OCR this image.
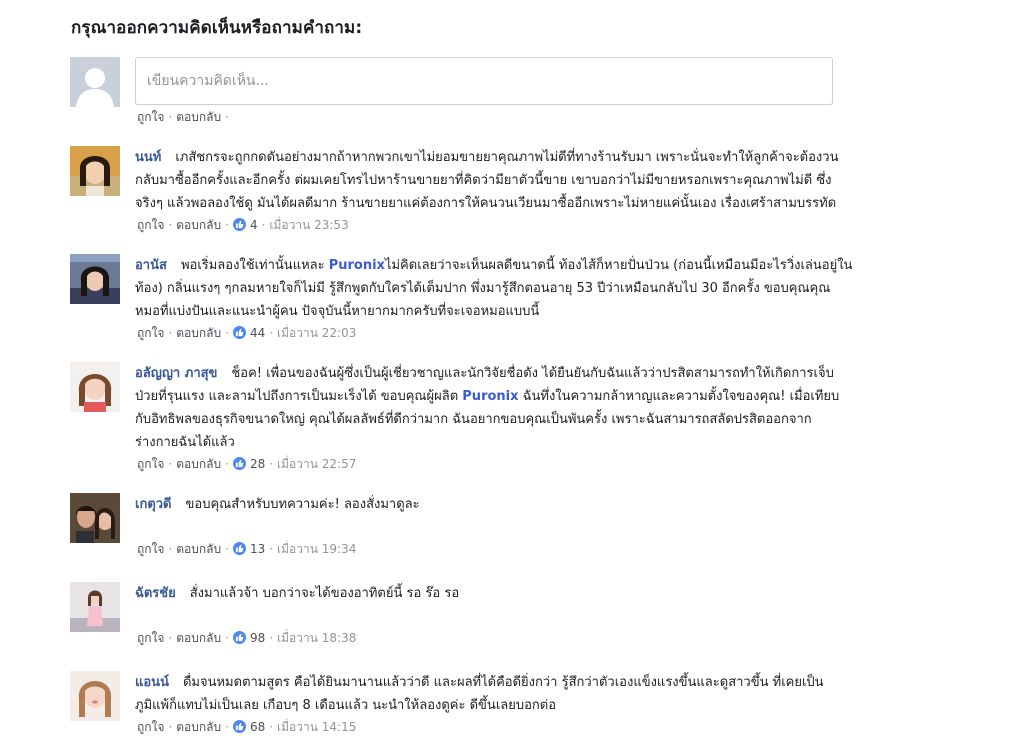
กรุณาออกความคิดเห็นหรือถามคำถาม:
เขียนความคิดเห็น...
ถูกใจ · ตอบกลับ ·

นนท์ เภสัชกรจะถูกกดดันอย่างมากถ้าหากพวกเขาไม่ยอมขายยาคุณภาพไม่ดีที่ทางร้านรับมา เพราะนั่นจะทำให้ลูกค้าจะต้องวนกลับมาซื้ออีกครั้งและอีกครั้ง ต่ผมเคยโทรไปหาร้านขายยาที่คิดว่ามียาตัวนี้ขาย เขาบอกว่าไม่มีขายหรอกเพราะคุณภาพไม่ดี ซึ่งจริงๆ แล้วพอลองใช้ดู มันได้ผลดีมาก ร้านขายยาแค่ต้องการให้คนวนเวียนมาซื้ออีกเพราะไม่หายแค่นั้นเอง เรื่องเศร้าสามบรรทัด

ถูกใจ · ตอบกลับ · 4 · เมื่อวาน 23:53

อานัส พอเริ่มลองใช้เท่านั้นแหละ Puronixไม่คิดเลยว่าจะเห็นผลดีขนาดนี้ ท้องไส้ก็หายปั่นป่วน (ก่อนนี้เหมือนมีอะไรวิ่งเล่นอยู่ในท้อง) กลิ่นแรงๆ ๆกลมหายใจก็ไม่มี รู้สึกพูดกับใครได้เต็มปาก พึ่งมารู้สึกตอนอายุ 53 ปีว่าเหมือนกลับไป 30 อีกครั้ง ขอบคุณคุณหมอที่แบ่งปันและแนะนำผู้คน ปัจจุบันนี้หายากมากครับที่จะเจอหมอแบบนี้

ถูกใจ · ตอบกลับ · 44 · เมื่อวาน 22:03

อลัญญา ภาสุข ช็อค! เพื่อนของฉันผู้ซึ่งเป็นผู้เชี่ยวชาญและนักวิจัยชื่อดัง ได้ยืนยันกับฉันแล้วว่าปรสิตสามารถทำให้เกิดการเจ็บป่วยที่รุนแรง และลามไปถึงการเป็นมะเร็งได้ ขอบคุณผู้ผลิต Puronix ฉันทึ่งในความกล้าหาญและความตั้งใจของคุณ! เมื่อเทียบกับอิทธิพลของธุรกิจขนาดใหญ่ คุณได้ผลลัพธ์ที่ดีกว่ามาก ฉันอยากขอบคุณเป็นพันครั้ง เพราะฉันสามารถสลัดปรสิตออกจากร่างกายฉันได้แล้ว

ถูกใจ · ตอบกลับ · 28 · เมื่อวาน 22:57

เกตุวดี ขอบคุณสำหรับบทความค่ะ! ลองสั่งมาดูละ

ถูกใจ · ตอบกลับ · 13 · เมื่อวาน 19:34

ฉัตรชัย สั่งมาแล้วจ้า บอกว่าจะได้ของอาทิตย์นี้ รอ ร๊อ รอ

ถูกใจ · ตอบกลับ · 98 · เมื่อวาน 18:38

แอนน์ ดื่มจนหมดตามสูตร คือได้ยินมานานแล้วว่าดี และผลที่ได้คือดียิ่งกว่า รู้สึกว่าตัวเองแข็งแรงขึ้นและดูสาวขึ้น ที่เคยเป็นภูมิแพ้ก็แทบไม่เป็นเลย เกือบๆ 8 เดือนแล้ว นะนำให้ลองดูค่ะ ดีขึ้นเลยบอกต่อ

ถูกใจ · ตอบกลับ · 68 · เมื่อวาน 14:15
